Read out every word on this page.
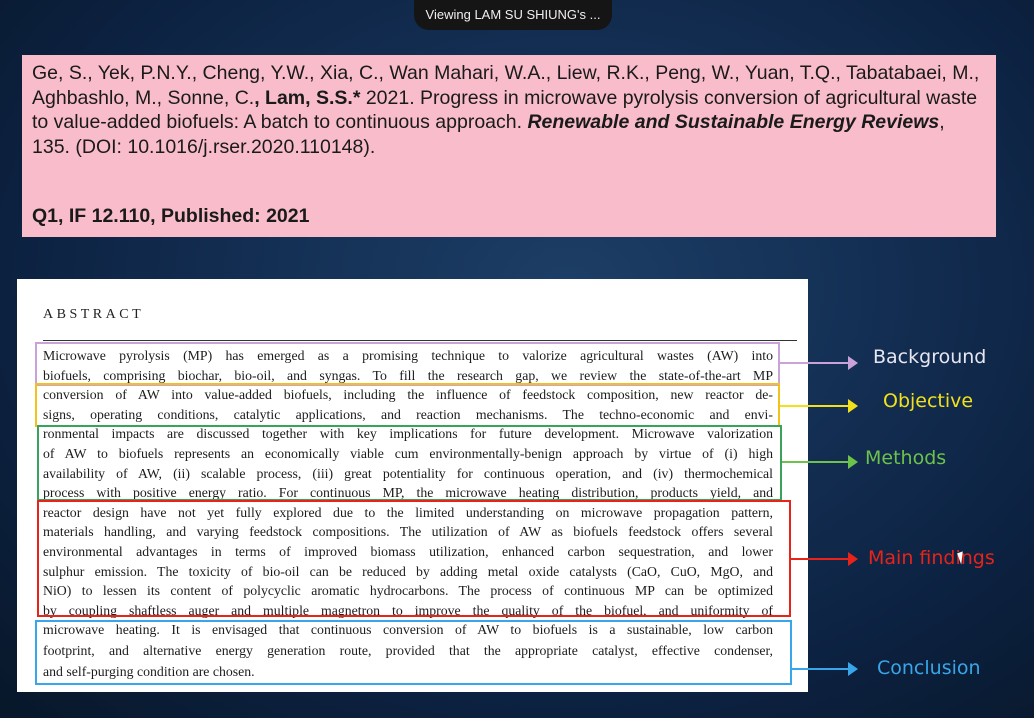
Viewing LAM SU SHIUNG's ...

Ge, S., Yek, P.N.Y., Cheng, Y.W., Xia, C., Wan Mahari, W.A., Liew, R.K., Peng, W., Yuan, T.Q., Tabatabaei, M., Aghbashlo, M., Sonne, C., Lam, S.S.* 2021. Progress in microwave pyrolysis conversion of agricultural waste to value-added biofuels: A batch to continuous approach. Renewable and Sustainable Energy Reviews, 135. (DOI: 10.1016/j.rser.2020.110148).

Q1, IF 12.110, Published: 2021
ABSTRACT
Microwave pyrolysis (MP) has emerged as a promising technique to valorize agricultural wastes (AW) into
biofuels, comprising biochar, bio-oil, and syngas. To fill the research gap, we review the state-of-the-art MP
conversion of AW into value-added biofuels, including the influence of feedstock composition, new reactor de-
signs, operating conditions, catalytic applications, and reaction mechanisms. The techno-economic and envi-
ronmental impacts are discussed together with key implications for future development. Microwave valorization
of AW to biofuels represents an economically viable cum environmentally-benign approach by virtue of (i) high
availability of AW, (ii) scalable process, (iii) great potentiality for continuous operation, and (iv) thermochemical
process with positive energy ratio. For continuous MP, the microwave heating distribution, products yield, and
reactor design have not yet fully explored due to the limited understanding on microwave propagation pattern,
materials handling, and varying feedstock compositions. The utilization of AW as biofuels feedstock offers several
environmental advantages in terms of improved biomass utilization, enhanced carbon sequestration, and lower
sulphur emission. The toxicity of bio-oil can be reduced by adding metal oxide catalysts (CaO, CuO, MgO, and
NiO) to lessen its content of polycyclic aromatic hydrocarbons. The process of continuous MP can be optimized
by coupling shaftless auger and multiple magnetron to improve the quality of the biofuel, and uniformity of
microwave heating. It is envisaged that continuous conversion of AW to biofuels is a sustainable, low carbon
footprint, and alternative energy generation route, provided that the appropriate catalyst, effective condenser,
and self-purging condition are chosen.
Background
Objective
Methods
Main findings
Conclusion
